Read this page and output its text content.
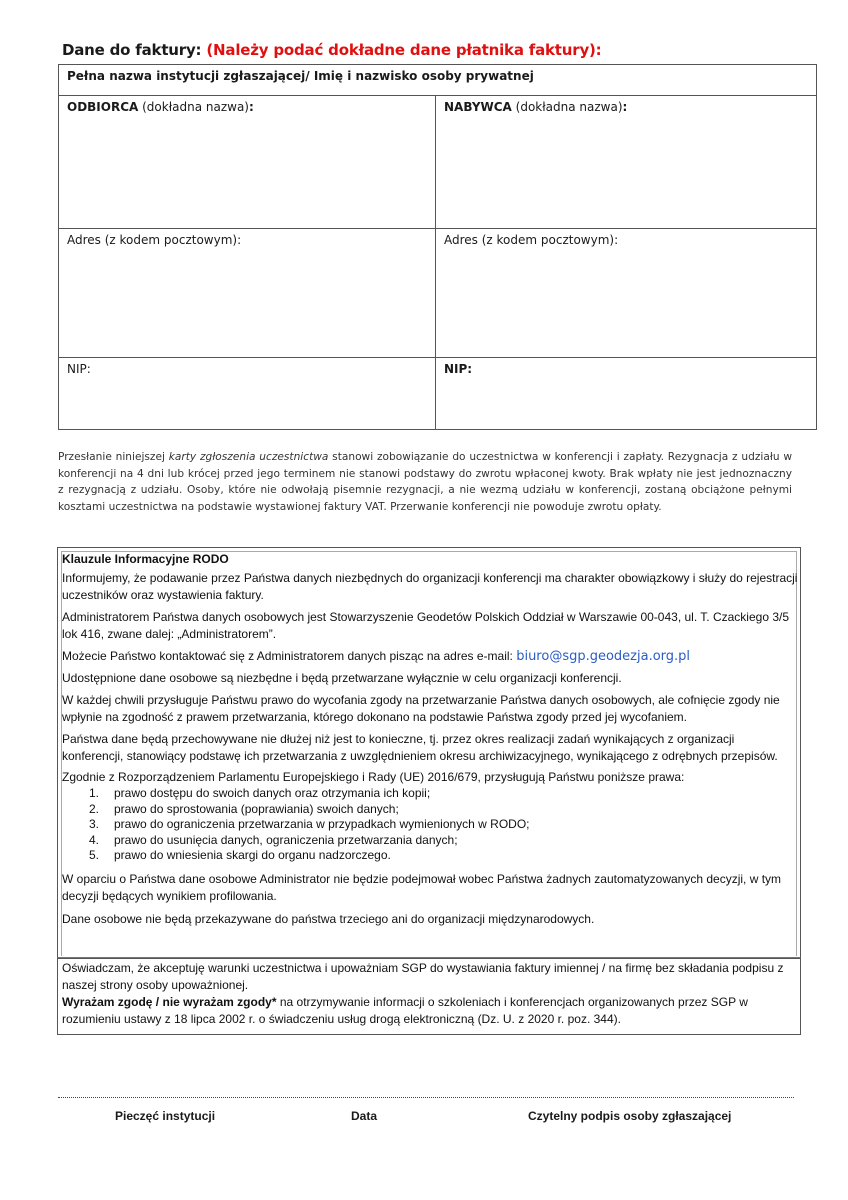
Dane do faktury: (Należy podać dokładne dane płatnika faktury):
Pełna nazwa instytucji zgłaszającej/ Imię i nazwisko osoby prywatnej	
ODBIORCA (dokładna nazwa):	NABYWCA (dokładna nazwa):
Adres (z kodem pocztowym):	Adres (z kodem pocztowym):
NIP:	NIP:
Przesłanie niniejszej karty zgłoszenia uczestnictwa stanowi zobowiązanie do uczestnictwa w konferencji i zapłaty. Rezygnacja z udziału w konferencji na 4 dni lub krócej przed jego terminem nie stanowi podstawy do zwrotu wpłaconej kwoty. Brak wpłaty nie jest jednoznaczny z rezygnacją z udziału. Osoby, które nie odwołają pisemnie rezygnacji, a nie wezmą udziału w konferencji, zostaną obciążone pełnymi kosztami uczestnictwa na podstawie wystawionej faktury VAT. Przerwanie konferencji nie powoduje zwrotu opłaty.

Klauzule Informacyjne RODO

Informujemy, że podawanie przez Państwa danych niezbędnych do organizacji konferencji ma charakter obowiązkowy i służy do rejestracji uczestników oraz wystawienia faktury.

Administratorem Państwa danych osobowych jest Stowarzyszenie Geodetów Polskich Oddział w Warszawie 00-043, ul. T. Czackiego 3/5 lok 416, zwane dalej: „Administratorem”.

Możecie Państwo kontaktować się z Administratorem danych pisząc na adres e-mail: biuro@sgp.geodezja.org.pl

Udostępnione dane osobowe są niezbędne i będą przetwarzane wyłącznie w celu organizacji konferencji.

W każdej chwili przysługuje Państwu prawo do wycofania zgody na przetwarzanie Państwa danych osobowych, ale cofnięcie zgody nie wpłynie na zgodność z prawem przetwarzania, którego dokonano na podstawie Państwa zgody przed jej wycofaniem.

Państwa dane będą przechowywane nie dłużej niż jest to konieczne, tj. przez okres realizacji zadań wynikających z organizacji konferencji, stanowiący podstawę ich przetwarzania z uwzględnieniem okresu archiwizacyjnego, wynikającego z odrębnych przepisów.

Zgodnie z Rozporządzeniem Parlamentu Europejskiego i Rady (UE) 2016/679, przysługują Państwu poniższe prawa:

1. prawo dostępu do swoich danych oraz otrzymania ich kopii;
2. prawo do sprostowania (poprawiania) swoich danych;
3. prawo do ograniczenia przetwarzania w przypadkach wymienionych w RODO;
4. prawo do usunięcia danych, ograniczenia przetwarzania danych;
5. prawo do wniesienia skargi do organu nadzorczego.

W oparciu o Państwa dane osobowe Administrator nie będzie podejmował wobec Państwa żadnych zautomatyzowanych decyzji, w tym decyzji będących wynikiem profilowania.

Dane osobowe nie będą przekazywane do państwa trzeciego ani do organizacji międzynarodowych.

Oświadczam, że akceptuję warunki uczestnictwa i upoważniam SGP do wystawiania faktury imiennej / na firmę bez składania podpisu z naszej strony osoby upoważnionej.

Wyrażam zgodę / nie wyrażam zgody* na otrzymywanie informacji o szkoleniach i konferencjach organizowanych przez SGP w rozumieniu ustawy z 18 lipca 2002 r. o świadczeniu usług drogą elektroniczną (Dz. U. z 2020 r. poz. 344).

Pieczęć instytucji	Data	Czytelny podpis osoby zgłaszającej
